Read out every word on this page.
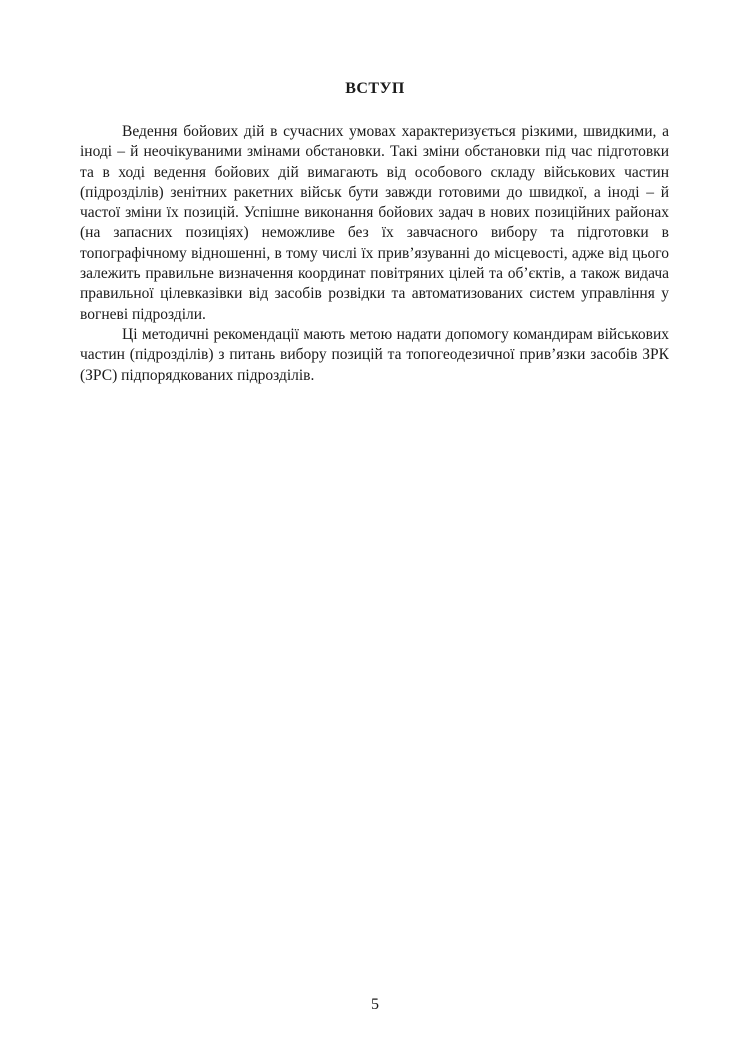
ВСТУП

Ведення бойових дій в сучасних умовах характеризується різкими, швидкими, а іноді – й неочікуваними змінами обстановки. Такі зміни обстановки під час підготовки та в ході ведення бойових дій вимагають від особового складу військових частин (підрозділів) зенітних ракетних військ бути завжди готовими до швидкої, а іноді – й частої зміни їх позицій. Успішне виконання бойових задач в нових позиційних районах (на запасних позиціях) неможливе без їх завчасного вибору та підготовки в топографічному відношенні, в тому числі їх прив’язуванні до місцевості, адже від цього залежить правильне визначення координат повітряних цілей та об’єктів, а також видача правильної цілевказівки від засобів розвідки та автоматизованих систем управління у вогневі підрозділи.

Ці методичні рекомендації мають метою надати допомогу командирам військових частин (підрозділів) з питань вибору позицій та топогеодезичної прив’язки засобів ЗРК (ЗРС) підпорядкованих підрозділів.

5
